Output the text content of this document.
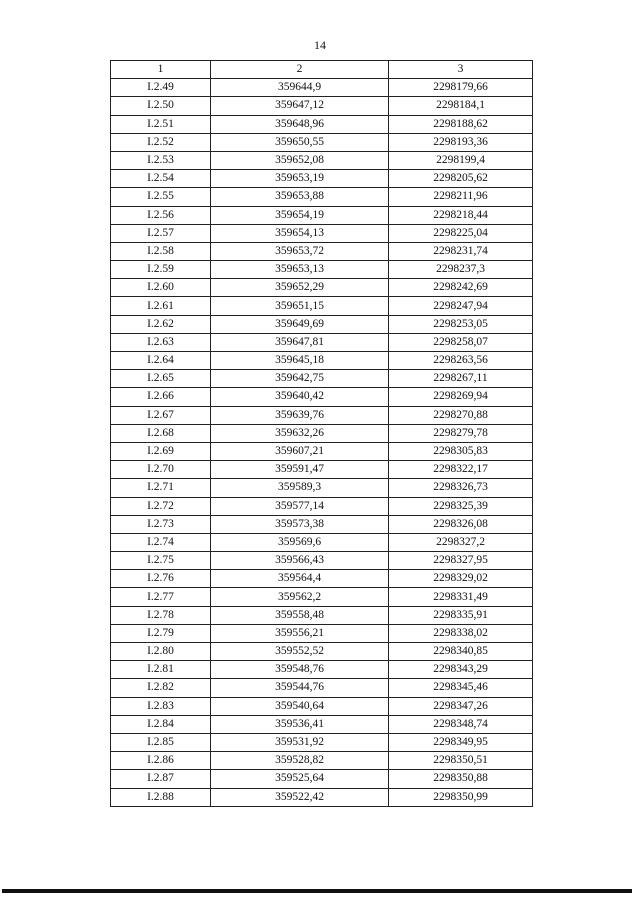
14
1	2	3
I.2.49	359644,9	2298179,66
I.2.50	359647,12	2298184,1
I.2.51	359648,96	2298188,62
I.2.52	359650,55	2298193,36
I.2.53	359652,08	2298199,4
I.2.54	359653,19	2298205,62
I.2.55	359653,88	2298211,96
I.2.56	359654,19	2298218,44
I.2.57	359654,13	2298225,04
I.2.58	359653,72	2298231,74
I.2.59	359653,13	2298237,3
I.2.60	359652,29	2298242,69
I.2.61	359651,15	2298247,94
I.2.62	359649,69	2298253,05
I.2.63	359647,81	2298258,07
I.2.64	359645,18	2298263,56
I.2.65	359642,75	2298267,11
I.2.66	359640,42	2298269,94
I.2.67	359639,76	2298270,88
I.2.68	359632,26	2298279,78
I.2.69	359607,21	2298305,83
I.2.70	359591,47	2298322,17
I.2.71	359589,3	2298326,73
I.2.72	359577,14	2298325,39
I.2.73	359573,38	2298326,08
I.2.74	359569,6	2298327,2
I.2.75	359566,43	2298327,95
I.2.76	359564,4	2298329,02
I.2.77	359562,2	2298331,49
I.2.78	359558,48	2298335,91
I.2.79	359556,21	2298338,02
I.2.80	359552,52	2298340,85
I.2.81	359548,76	2298343,29
I.2.82	359544,76	2298345,46
I.2.83	359540,64	2298347,26
I.2.84	359536,41	2298348,74
I.2.85	359531,92	2298349,95
I.2.86	359528,82	2298350,51
I.2.87	359525,64	2298350,88
I.2.88	359522,42	2298350,99
